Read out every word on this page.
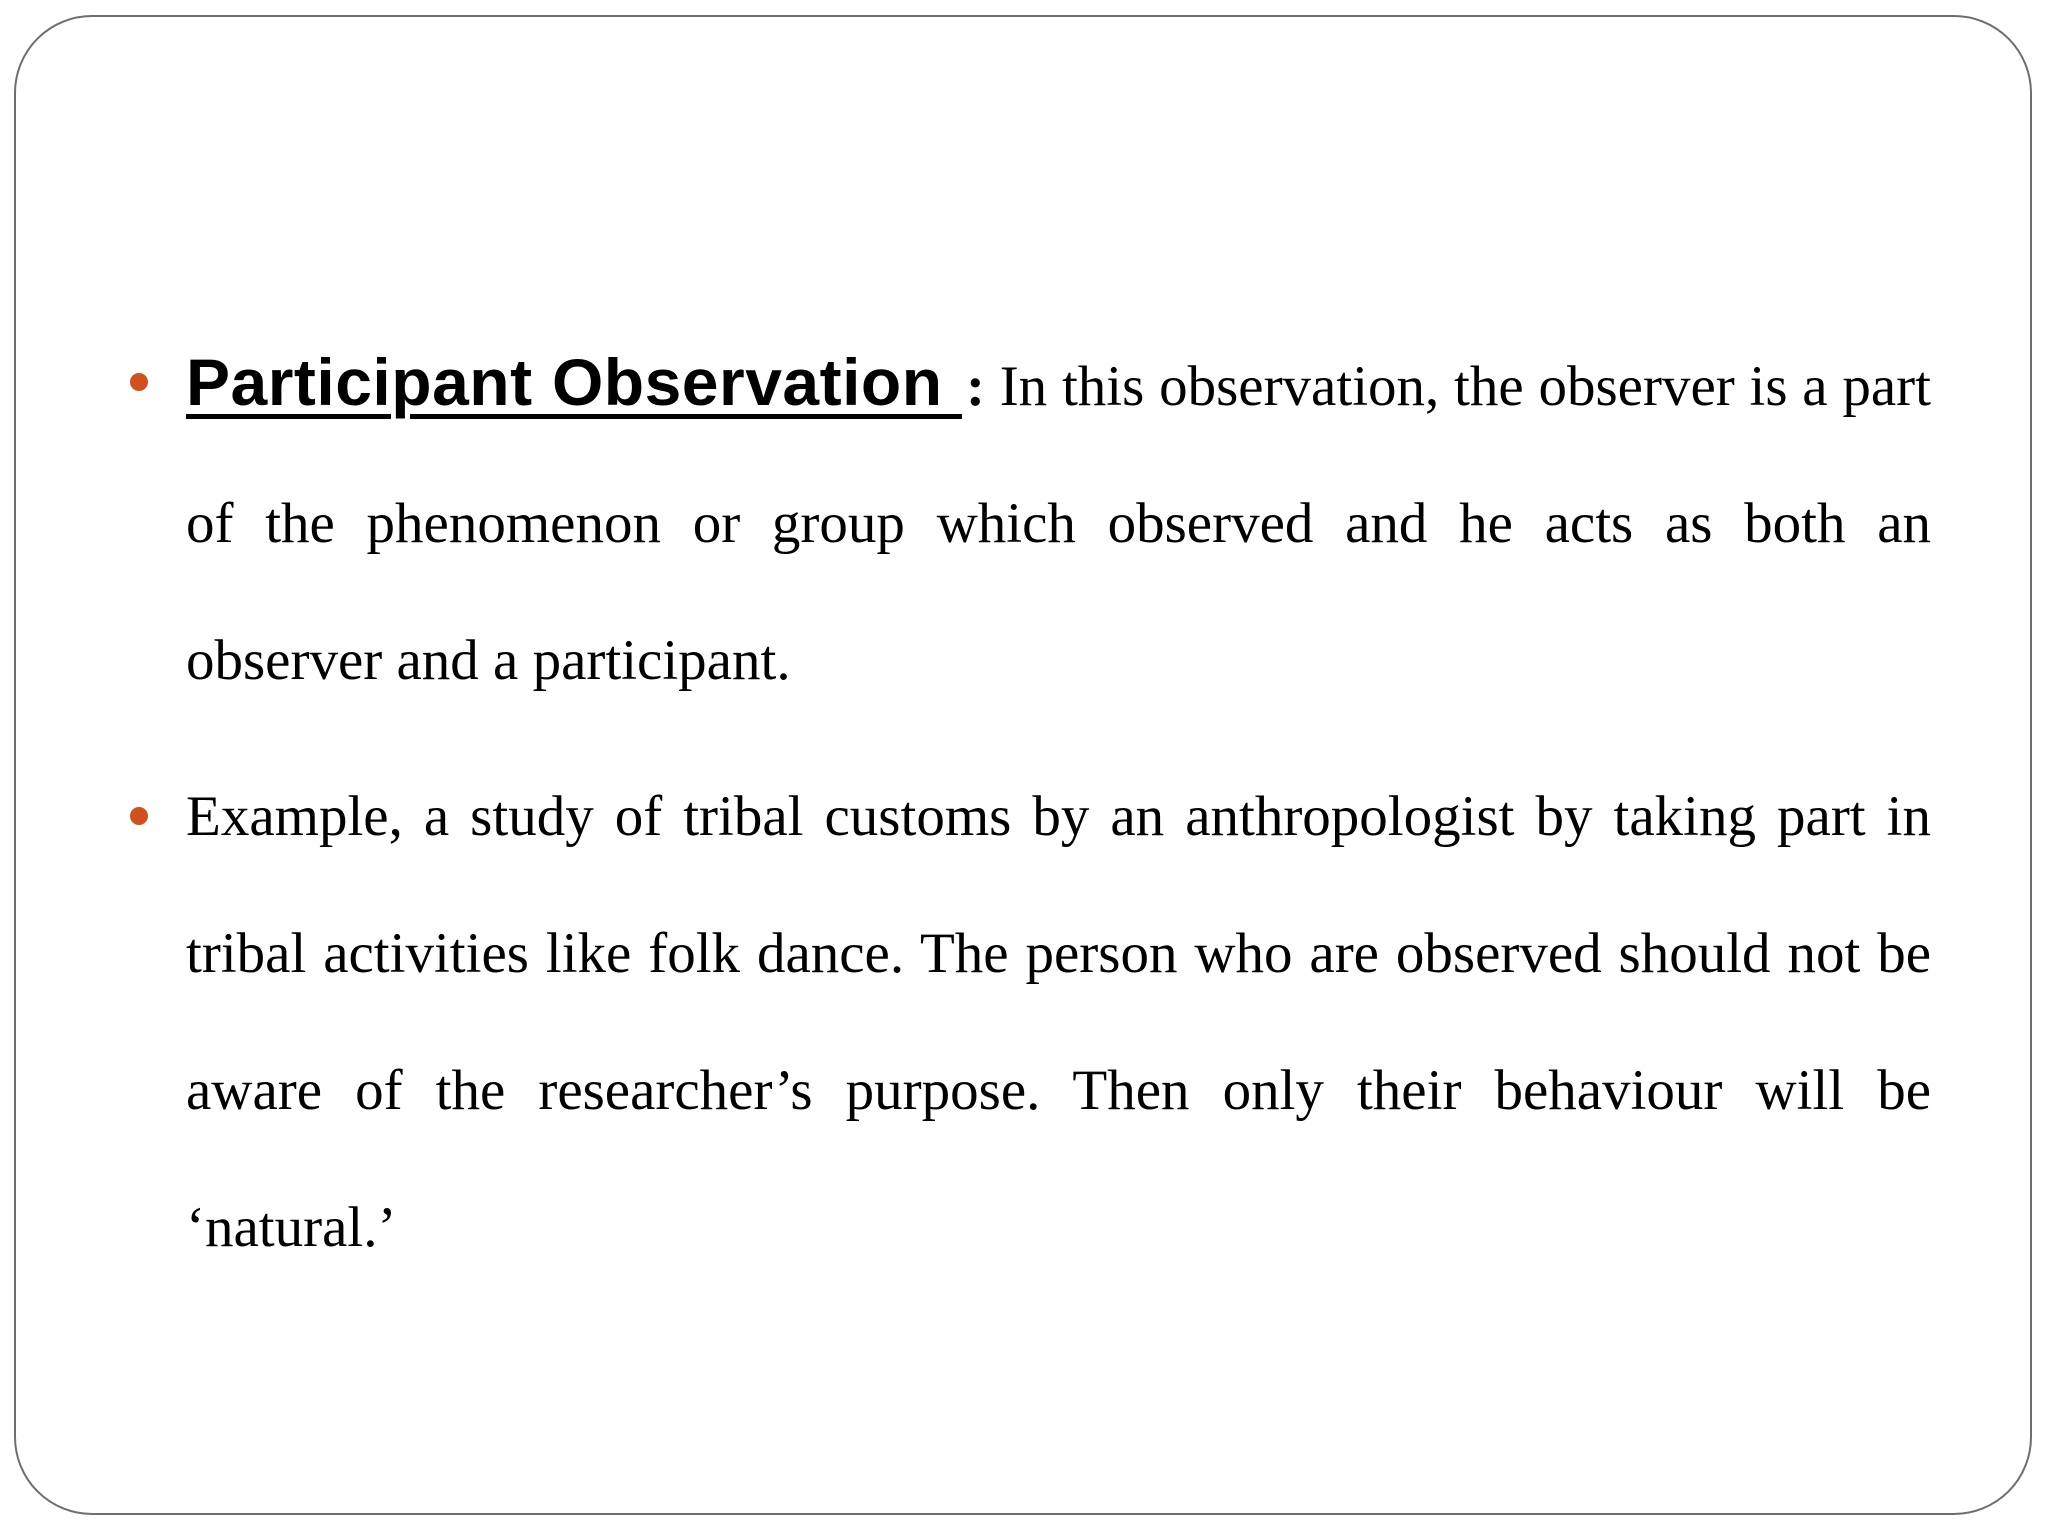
Participant Observation : In this observation, the observer is a part of the phenomenon or group which observed and he acts as both an observer and a participant.
Example, a study of tribal customs by an anthropologist by taking part in tribal activities like folk dance. The person who are observed should not be aware of the researcher’s purpose. Then only their behaviour will be ‘natural.’
